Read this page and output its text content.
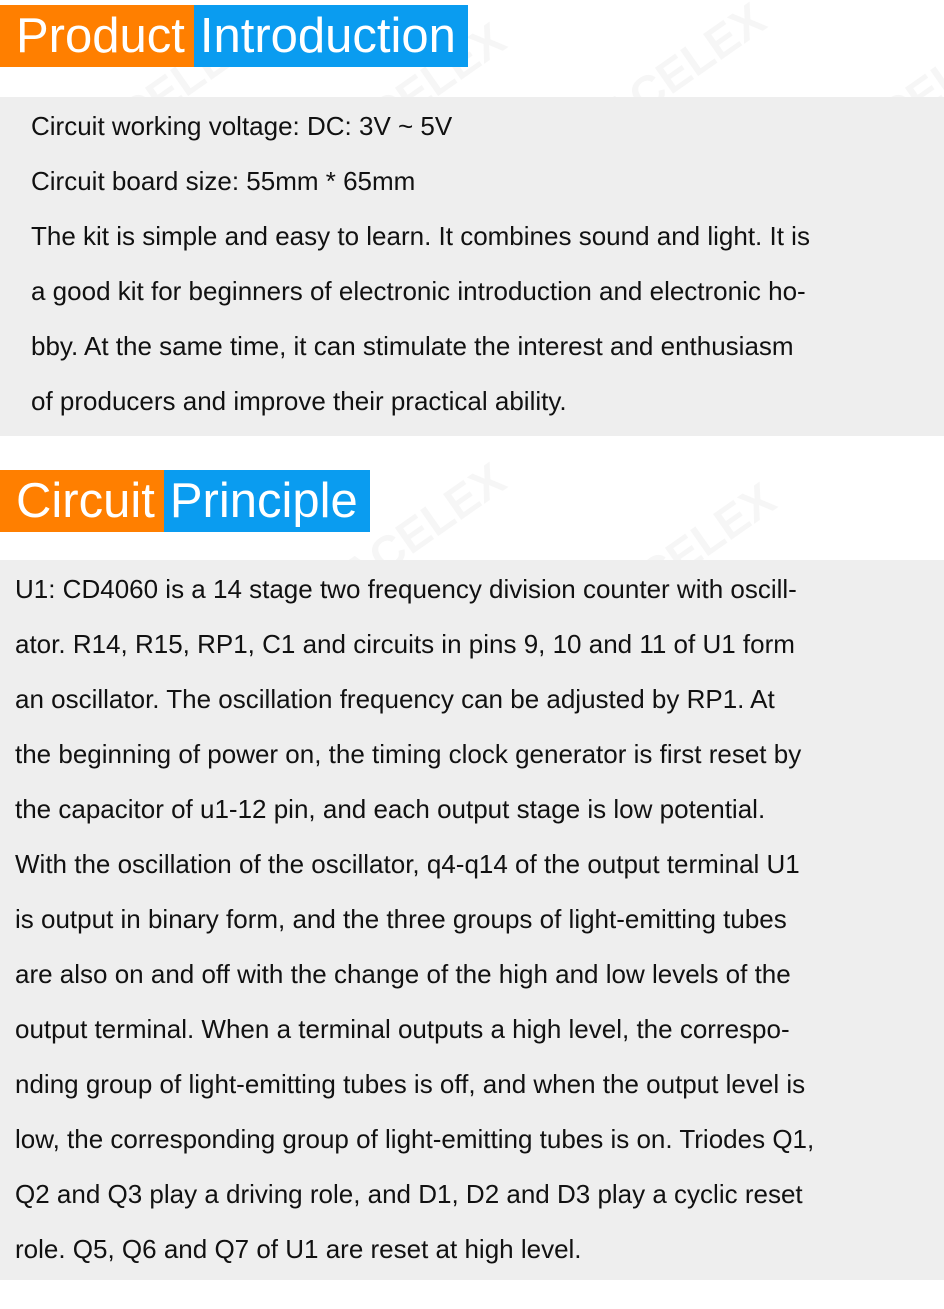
Product Introduction

Circuit working voltage: DC: 3V ~ 5V

Circuit board size: 55mm * 65mm

The kit is simple and easy to learn. It combines sound and light. It is

a good kit for beginners of electronic introduction and electronic ho-

bby. At the same time, it can stimulate the interest and enthusiasm

of producers and improve their practical ability.

Circuit Principle

U1: CD4060 is a 14 stage two frequency division counter with oscill-

ator. R14, R15, RP1, C1 and circuits in pins 9, 10 and 11 of U1 form

an oscillator. The oscillation frequency can be adjusted by RP1. At

the beginning of power on, the timing clock generator is first reset by

the capacitor of u1-12 pin, and each output stage is low potential.

With the oscillation of the oscillator, q4-q14 of the output terminal U1

is output in binary form, and the three groups of light-emitting tubes

are also on and off with the change of the high and low levels of the

output terminal. When a terminal outputs a high level, the correspo-

nding group of light-emitting tubes is off, and when the output level is

low, the corresponding group of light-emitting tubes is on. Triodes Q1,

Q2 and Q3 play a driving role, and D1, D2 and D3 play a cyclic reset

role. Q5, Q6 and Q7 of U1 are reset at high level.
